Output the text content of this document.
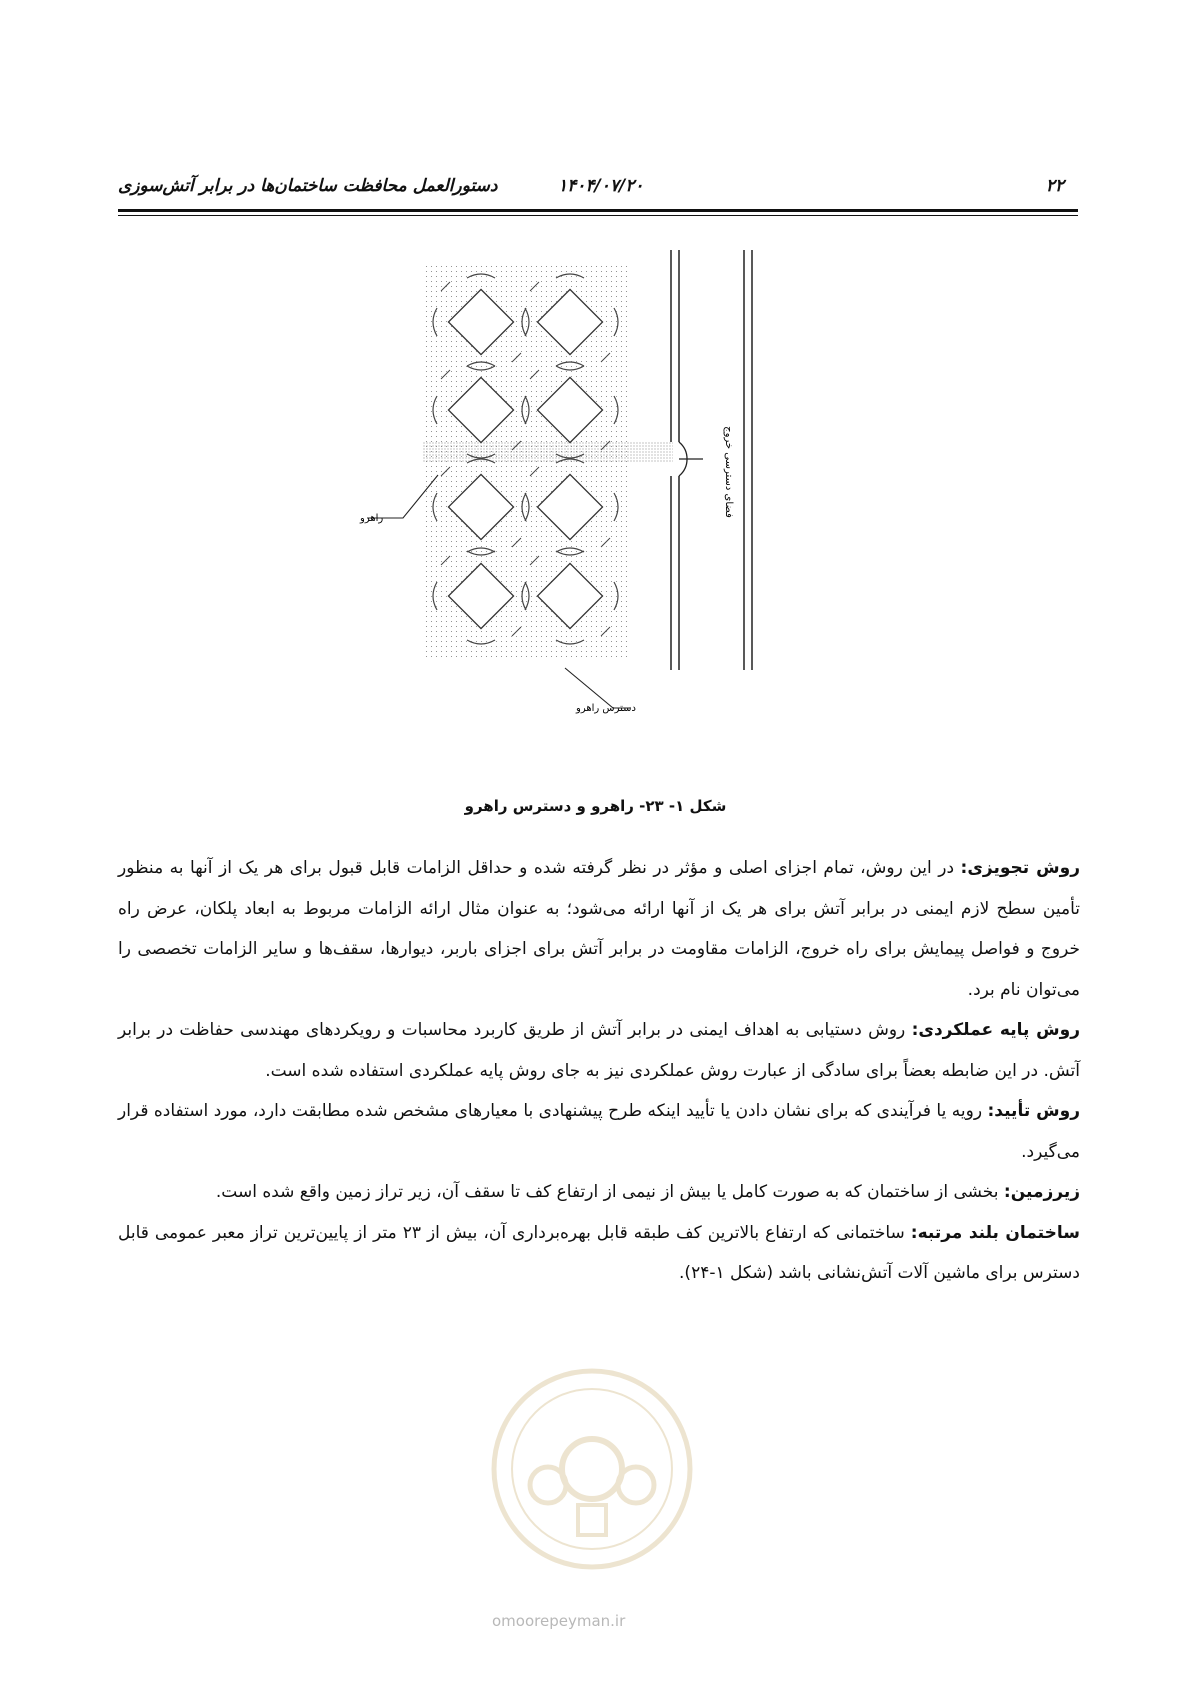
۲۲
۱۴۰۴/۰۷/۲۰
دستورالعمل محافظت ساختمان‌ها در برابر آتش‌سوزی
راهرو
دسترس راهرو
فضای دسترسی خروج
شکل ۱- ۲۳- راهرو و دسترس راهرو

روش تجویزی: در این روش، تمام اجزای اصلی و مؤثر در نظر گرفته شده و حداقل الزامات قابل قبول برای هر یک از آنها به منظور تأمین سطح لازم ایمنی در برابر آتش برای هر یک از آنها ارائه می‌شود؛ به عنوان مثال ارائه الزامات مربوط به ابعاد پلکان، عرض راه خروج و فواصل پیمایش برای راه خروج، الزامات مقاومت در برابر آتش برای اجزای باربر، دیوارها، سقف‌ها و سایر الزامات تخصصی را می‌توان نام برد.

روش پایه عملکردی: روش دستیابی به اهداف ایمنی در برابر آتش از طریق کاربرد محاسبات و رویکردهای مهندسی حفاظت در برابر آتش. در این ضابطه بعضاً برای سادگی از عبارت روش عملکردی نیز به جای روش پایه عملکردی استفاده شده است.

روش تأیید: رویه یا فرآیندی که برای نشان دادن یا تأیید اینکه طرح پیشنهادی با معیارهای مشخص شده مطابقت دارد، مورد استفاده قرار می‌گیرد.

زیرزمین: بخشی از ساختمان که به صورت کامل یا بیش از نیمی از ارتفاع کف تا سقف آن، زیر تراز زمین واقع شده است.

ساختمان بلند مرتبه: ساختمانی که ارتفاع بالاترین کف طبقه قابل بهره‌برداری آن، بیش از ۲۳ متر از پایین‌ترین تراز معبر عمومی قابل دسترس برای ماشین آلات آتش‌نشانی باشد (شکل ۱-۲۴).

omoorepeyman.ir
